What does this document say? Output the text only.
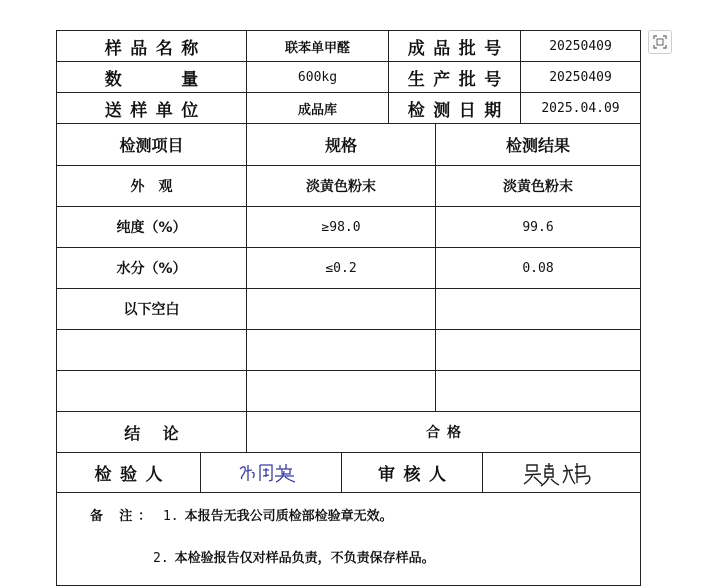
样品名称	联苯单甲醛	成品批号	20250409
数　　量	600kg	生产批号	20250409
送样单位	成品库	检测日期	2025.04.09
检测项目	规格	检测结果
外　观	淡黄色粉末	淡黄色粉末
纯度（%）	≥98.0	99.6
水分（%）	≤0.2	0.08
以下空白
结论	合格
检验人	审核人
备 注： 1. 本报告无我公司质检部检验章无效。
2. 本检验报告仅对样品负责，不负责保存样品。
